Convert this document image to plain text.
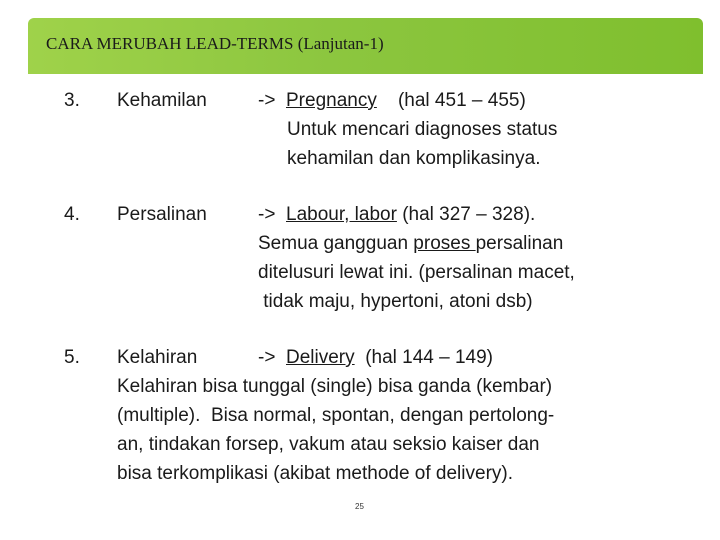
CARA MERUBAH LEAD-TERMS (Lanjutan-1)
3. Kehamilan	-> Pregnancy (hal 451 – 455)
Untuk mencari diagnoses status
kehamilan dan komplikasinya.
4. Persalinan	-> Labour, labor (hal 327 – 328).
Semua gangguan proses persalinan
ditelusuri lewat ini. (persalinan macet,
tidak maju, hypertoni, atoni dsb)
5. Kelahiran	-> Delivery (hal 144 – 149)
Kelahiran bisa tunggal (single) bisa ganda (kembar)
(multiple).  Bisa normal, spontan, dengan pertolong-
an, tindakan forsep, vakum atau seksio kaiser dan
bisa terkomplikasi (akibat methode of delivery).
25
